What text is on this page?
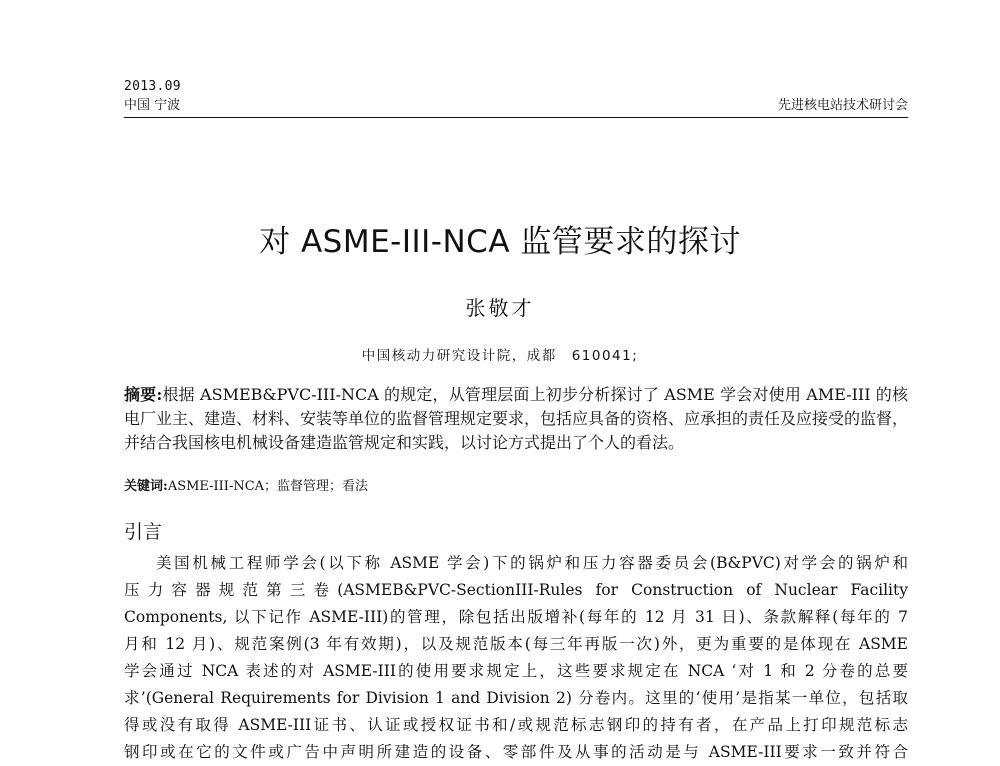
2013.09
中国 宁波	先进核电站技术研讨会
对 ASME-III-NCA 监管要求的探讨
张敬才
中国核动力研究设计院，成都　610041;
摘要:根据 ASMEB&PVC-III-NCA 的规定，从管理层面上初步分析探讨了 ASME 学会对使用 AME-III 的核电厂业主、建造、材料、安装等单位的监督管理规定要求，包括应具备的资格、应承担的责任及应接受的监督，并结合我国核电机械设备建造监管规定和实践，以讨论方式提出了个人的看法。
关键词:ASME-III-NCA；监督管理；看法
引言
美国机械工程师学会(以下称 ASME 学会)下的锅炉和压力容器委员会(B&PVC)对学会的锅炉和
压力容器规范第三卷(ASMEB&PVC-SectionIII-Rules for Construction of Nuclear Facility
Components, 以下记作 ASME-III)的管理，除包括出版增补(每年的 12 月 31 日)、条款解释(每年的 7
月和 12 月)、规范案例(3 年有效期)，以及规范版本(每三年再版一次)外，更为重要的是体现在 ASME
学会通过 NCA 表述的对 ASME-III的使用要求规定上，这些要求规定在 NCA ‘对 1 和 2 分卷的总要
求’(General Requirements for Division 1 and Division 2) 分卷内。这里的‘使用’是指某一单位，包括取
得或没有取得 ASME-III证书、认证或授权证书和/或规范标志钢印的持有者，在产品上打印规范标志
钢印或在它的文件或广告中声明所建造的设备、零部件及从事的活动是与 ASME-III要求一致并符合
